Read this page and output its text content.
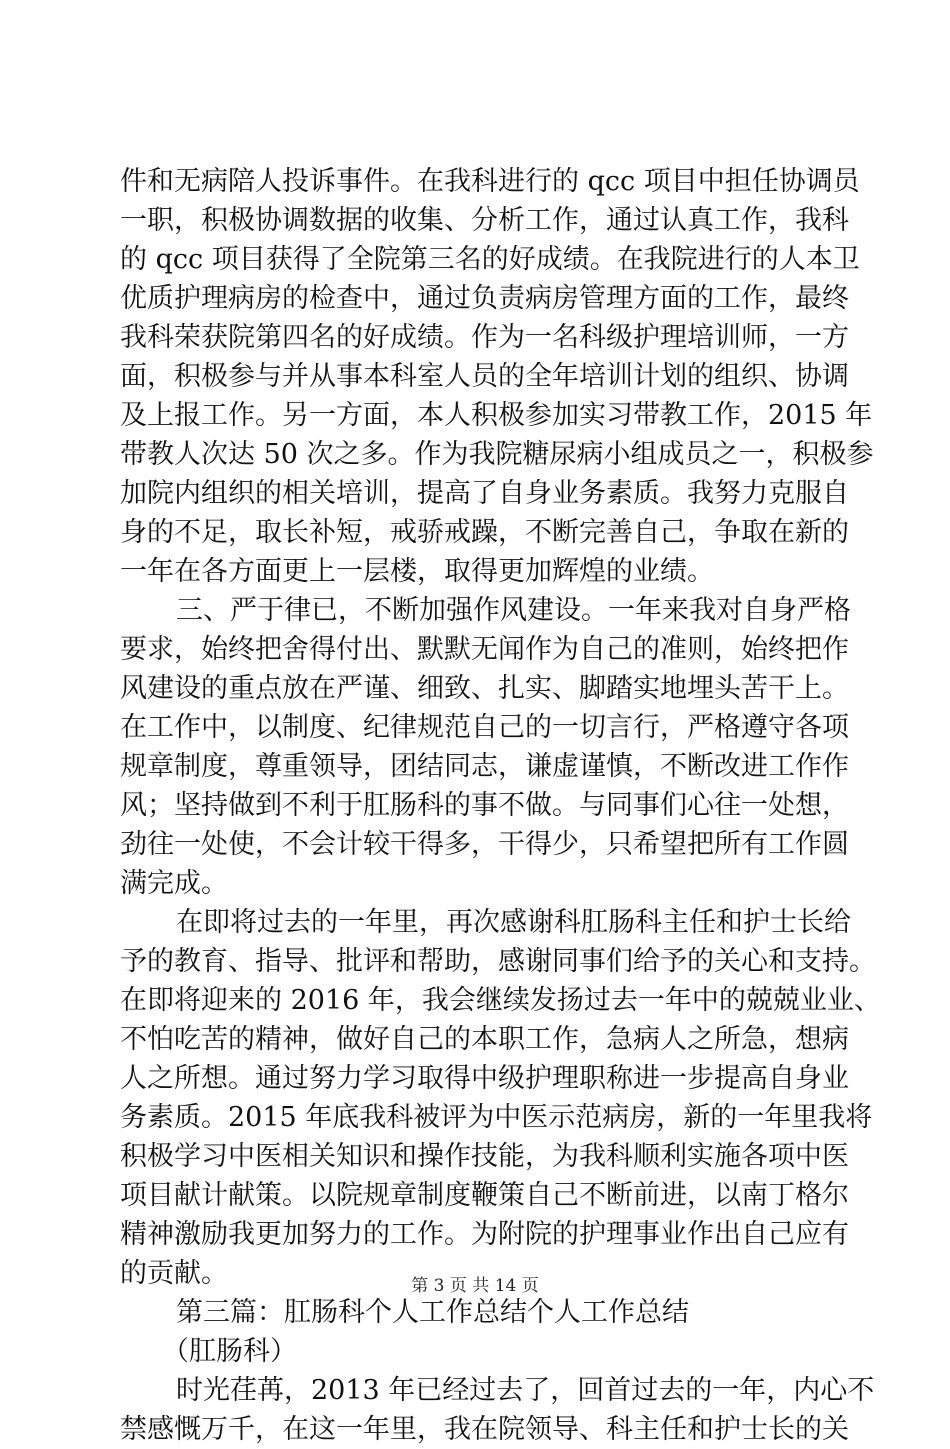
件和无病陪人投诉事件。在我科进行的 qcc 项目中担任协调员
一职，积极协调数据的收集、分析工作，通过认真工作，我科
的 qcc 项目获得了全院第三名的好成绩。在我院进行的人本卫
优质护理病房的检查中，通过负责病房管理方面的工作，最终
我科荣获院第四名的好成绩。作为一名科级护理培训师，一方
面，积极参与并从事本科室人员的全年培训计划的组织、协调
及上报工作。另一方面，本人积极参加实习带教工作，2015 年
带教人次达 50 次之多。作为我院糖尿病小组成员之一，积极参
加院内组织的相关培训，提高了自身业务素质。我努力克服自
身的不足，取长补短，戒骄戒躁，不断完善自己，争取在新的
一年在各方面更上一层楼，取得更加辉煌的业绩。
三、严于律已，不断加强作风建设。一年来我对自身严格
要求，始终把舍得付出、默默无闻作为自己的准则，始终把作
风建设的重点放在严谨、细致、扎实、脚踏实地埋头苦干上。
在工作中，以制度、纪律规范自己的一切言行，严格遵守各项
规章制度，尊重领导，团结同志，谦虚谨慎，不断改进工作作
风；坚持做到不利于肛肠科的事不做。与同事们心往一处想，
劲往一处使，不会计较干得多，干得少，只希望把所有工作圆
满完成。
在即将过去的一年里，再次感谢科肛肠科主任和护士长给
予的教育、指导、批评和帮助，感谢同事们给予的关心和支持。
在即将迎来的 2016 年，我会继续发扬过去一年中的兢兢业业、
不怕吃苦的精神，做好自己的本职工作，急病人之所急，想病
人之所想。通过努力学习取得中级护理职称进一步提高自身业
务素质。2015 年底我科被评为中医示范病房，新的一年里我将
积极学习中医相关知识和操作技能，为我科顺利实施各项中医
项目献计献策。以院规章制度鞭策自己不断前进，以南丁格尔
精神激励我更加努力的工作。为附院的护理事业作出自己应有
的贡献。
第三篇：肛肠科个人工作总结个人工作总结
（肛肠科）
时光荏苒，2013 年已经过去了，回首过去的一年，内心不
禁感慨万千，在这一年里，我在院领导、科主任和护士长的关
第 3 页 共 14 页
